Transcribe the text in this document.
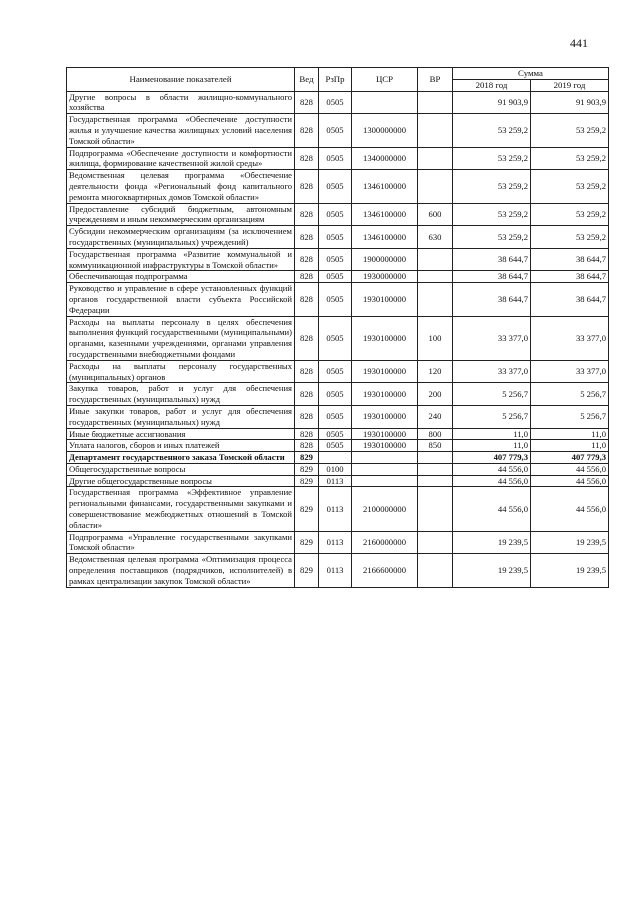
441
Наименование показателей	Вед	РзПр	ЦСР	ВР	Сумма	
					2018 год	2019 год
Другие вопросы в области жилищно-коммунального хозяйства	828	0505			91 903,9	91 903,9
Государственная программа «Обеспечение доступности жилья и улучшение качества жилищных условий населения Томской области»	828	0505	1300000000		53 259,2	53 259,2
Подпрограмма «Обеспечение доступности и комфортности жилища, формирование качественной жилой среды»	828	0505	1340000000		53 259,2	53 259,2
Ведомственная целевая программа «Обеспечение деятельности фонда «Региональный фонд капитального ремонта многоквартирных домов Томской области»	828	0505	1346100000		53 259,2	53 259,2
Предоставление субсидий бюджетным, автономным учреждениям и иным некоммерческим организациям	828	0505	1346100000	600	53 259,2	53 259,2
Субсидии некоммерческим организациям (за исключением государственных (муниципальных) учреждений)	828	0505	1346100000	630	53 259,2	53 259,2
Государственная программа «Развитие коммунальной и коммуникационной инфраструктуры в Томской области»	828	0505	1900000000		38 644,7	38 644,7
Обеспечивающая подпрограмма	828	0505	1930000000		38 644,7	38 644,7
Руководство и управление в сфере установленных функций органов государственной власти субъекта Российской Федерации	828	0505	1930100000		38 644,7	38 644,7
Расходы на выплаты персоналу в целях обеспечения выполнения функций государственными (муниципальными) органами, казенными учреждениями, органами управления государственными внебюджетными фондами	828	0505	1930100000	100	33 377,0	33 377,0
Расходы на выплаты персоналу государственных (муниципальных) органов	828	0505	1930100000	120	33 377,0	33 377,0
Закупка товаров, работ и услуг для обеспечения государственных (муниципальных) нужд	828	0505	1930100000	200	5 256,7	5 256,7
Иные закупки товаров, работ и услуг для обеспечения государственных (муниципальных) нужд	828	0505	1930100000	240	5 256,7	5 256,7
Иные бюджетные ассигнования	828	0505	1930100000	800	11,0	11,0
Уплата налогов, сборов и иных платежей	828	0505	1930100000	850	11,0	11,0
Департамент государственного заказа Томской области	829				407 779,3	407 779,3
Общегосударственные вопросы	829	0100			44 556,0	44 556,0
Другие общегосударственные вопросы	829	0113			44 556,0	44 556,0
Государственная программа «Эффективное управление региональными финансами, государственными закупками и совершенствование межбюджетных отношений в Томской области»	829	0113	2100000000		44 556,0	44 556,0
Подпрограмма «Управление государственными закупками Томской области»	829	0113	2160000000		19 239,5	19 239,5
Ведомственная целевая программа «Оптимизация процесса определения поставщиков (подрядчиков, исполнителей) в рамках централизации закупок Томской области»	829	0113	2166600000		19 239,5	19 239,5
